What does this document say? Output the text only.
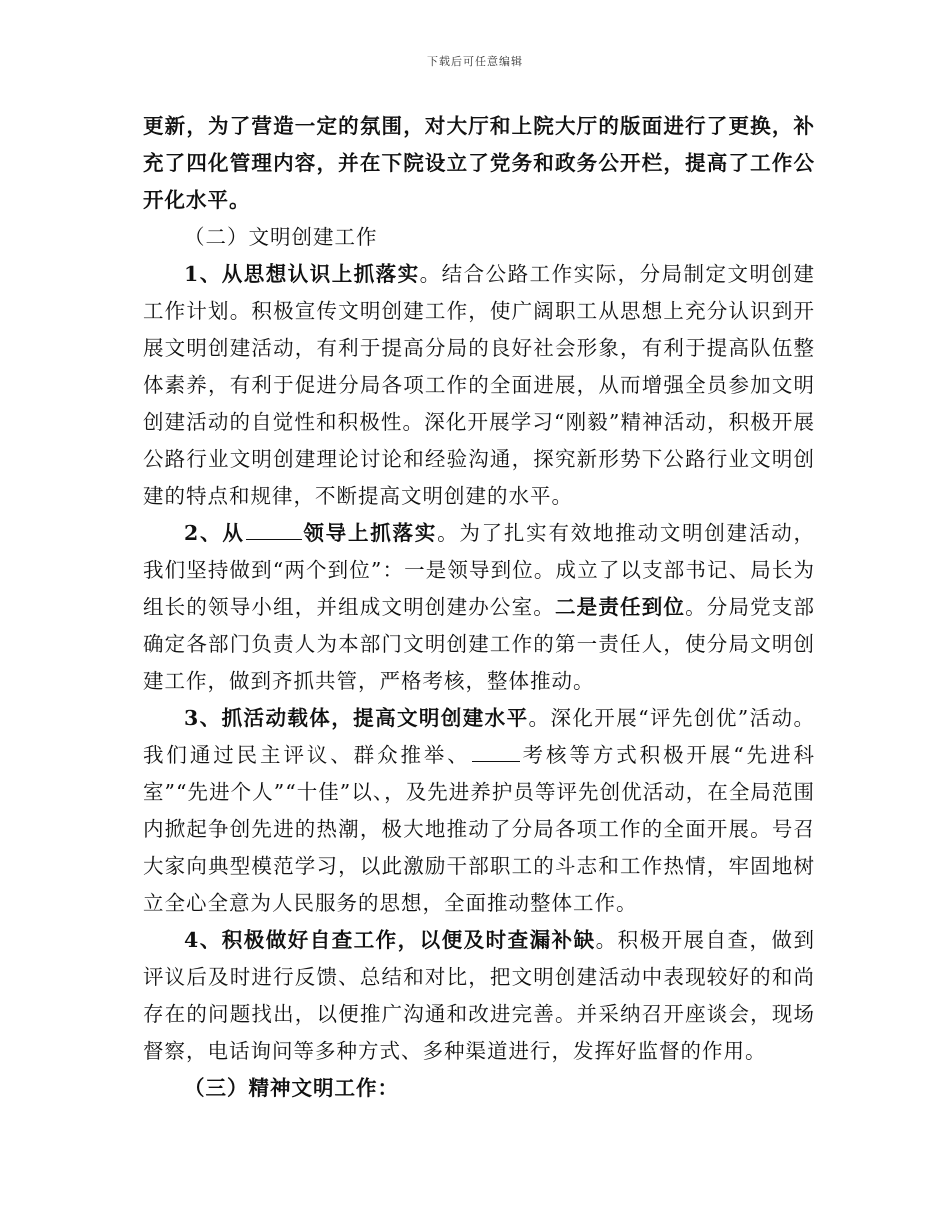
下载后可任意编辑

更新，为了营造一定的氛围，对大厅和上院大厅的版面进行了更换，补充了四化管理内容，并在下院设立了党务和政务公开栏，提高了工作公开化水平。

（二）文明创建工作

1、从思想认识上抓落实。结合公路工作实际，分局制定文明创建工作计划。积极宣传文明创建工作，使广阔职工从思想上充分认识到开展文明创建活动，有利于提高分局的良好社会形象，有利于提高队伍整体素养，有利于促进分局各项工作的全面进展，从而增强全员参加文明创建活动的自觉性和积极性。深化开展学习“刚毅”精神活动，积极开展公路行业文明创建理论讨论和经验沟通，探究新形势下公路行业文明创建的特点和规律，不断提高文明创建的水平。

2、从	领导上抓落实。为了扎实有效地推动文明创建活动，我们坚持做到“两个到位”：一是领导到位。成立了以支部书记、局长为组长的领导小组，并组成文明创建办公室。二是责任到位。分局党支部确定各部门负责人为本部门文明创建工作的第一责任人，使分局文明创建工作，做到齐抓共管，严格考核，整体推动。

3、抓活动载体，提高文明创建水平。深化开展“评先创优”活动。我们通过民主评议、群众推举、 考核等方式积极开展“先进科室”“先进个人”“十佳”以、，及先进养护员等评先创优活动，在全局范围内掀起争创先进的热潮，极大地推动了分局各项工作的全面开展。号召大家向典型模范学习，以此激励干部职工的斗志和工作热情，牢固地树立全心全意为人民服务的思想，全面推动整体工作。

4、积极做好自查工作，以便及时查漏补缺。积极开展自查，做到评议后及时进行反馈、总结和对比，把文明创建活动中表现较好的和尚存在的问题找出，以便推广沟通和改进完善。并采纳召开座谈会，现场督察，电话询问等多种方式、多种渠道进行，发挥好监督的作用。

（三）精神文明工作：
